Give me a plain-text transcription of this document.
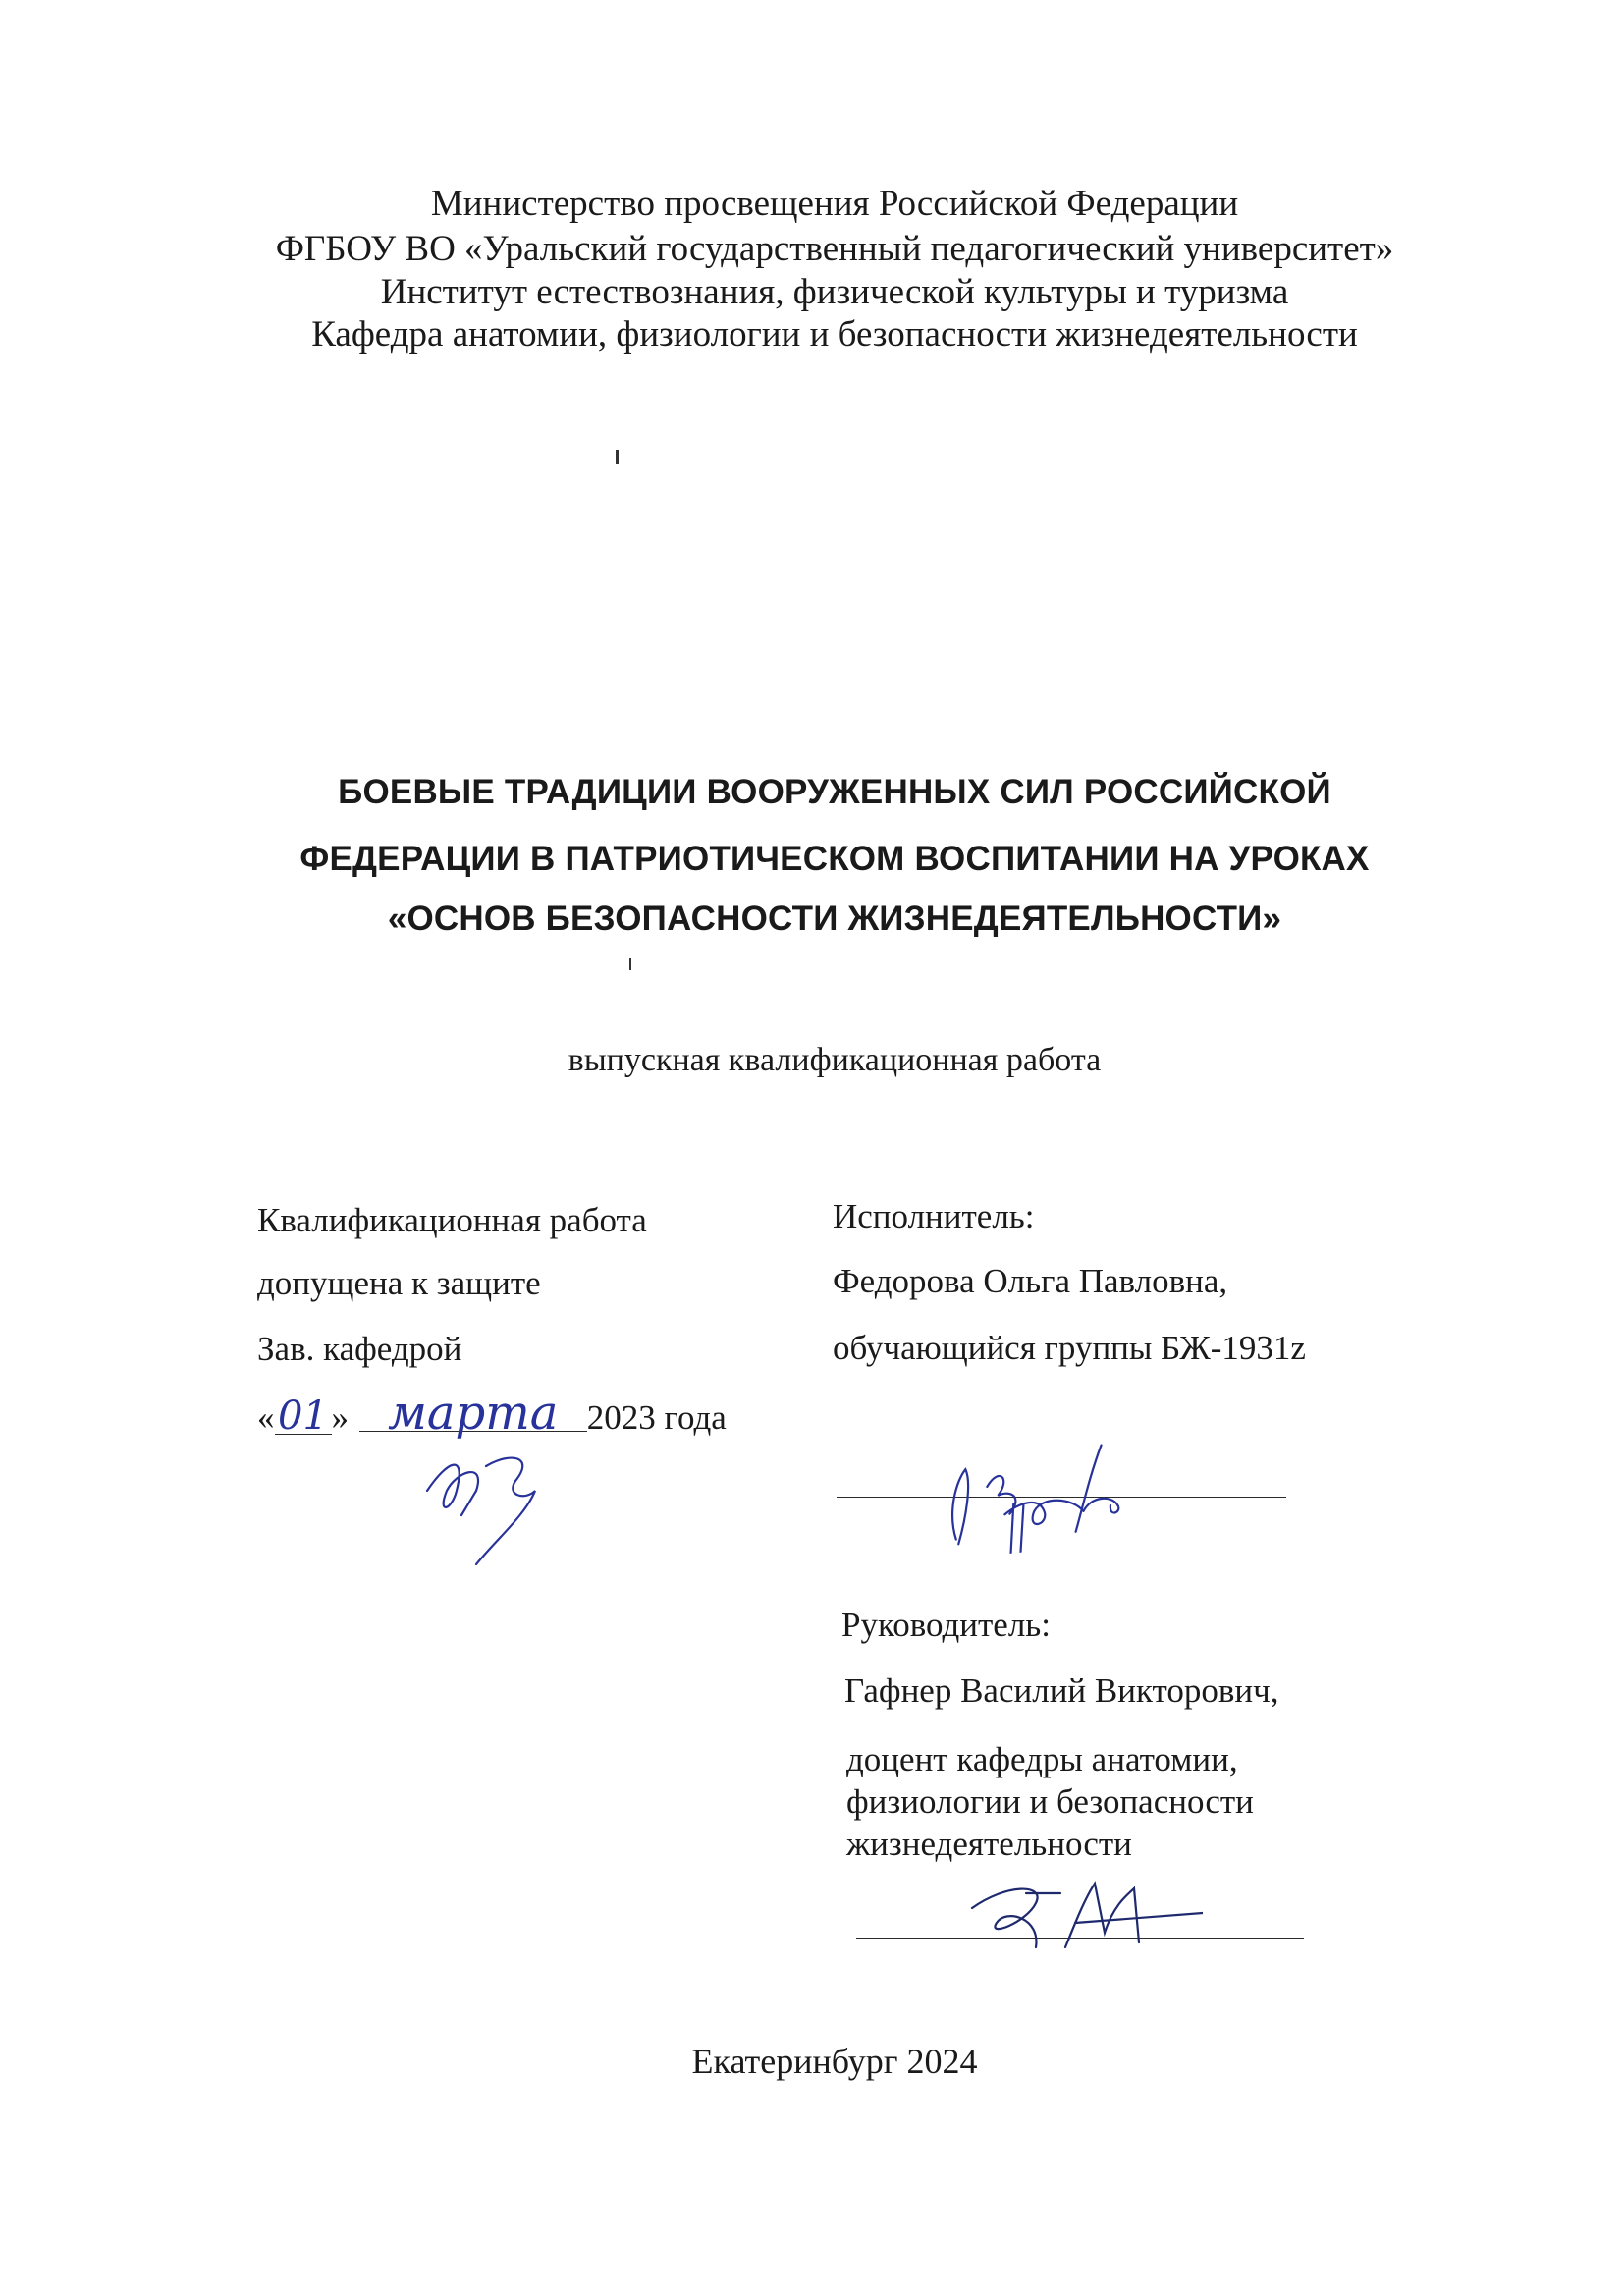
Министерство просвещения Российской Федерации
ФГБОУ ВО «Уральский государственный педагогический университет»
Институт естествознания, физической культуры и туризма
Кафедра анатомии, физиологии и безопасности жизнедеятельности
БОЕВЫЕ ТРАДИЦИИ ВООРУЖЕННЫХ СИЛ РОССИЙСКОЙ
ФЕДЕРАЦИИ В ПАТРИОТИЧЕСКОМ ВОСПИТАНИИ НА УРОКАХ
«ОСНОВ БЕЗОПАСНОСТИ ЖИЗНЕДЕЯТЕЛЬНОСТИ»
выпускная квалификационная работа
Квалификационная работа
допущена к защите
Зав. кафедрой
«01 » марта 2023 года
Исполнитель:
Федорова Ольга Павловна,
обучающийся группы БЖ-1931z
Руководитель:
Гафнер Василий Викторович,
доцент кафедры анатомии,
физиологии и безопасности
жизнедеятельности
Екатеринбург 2024
